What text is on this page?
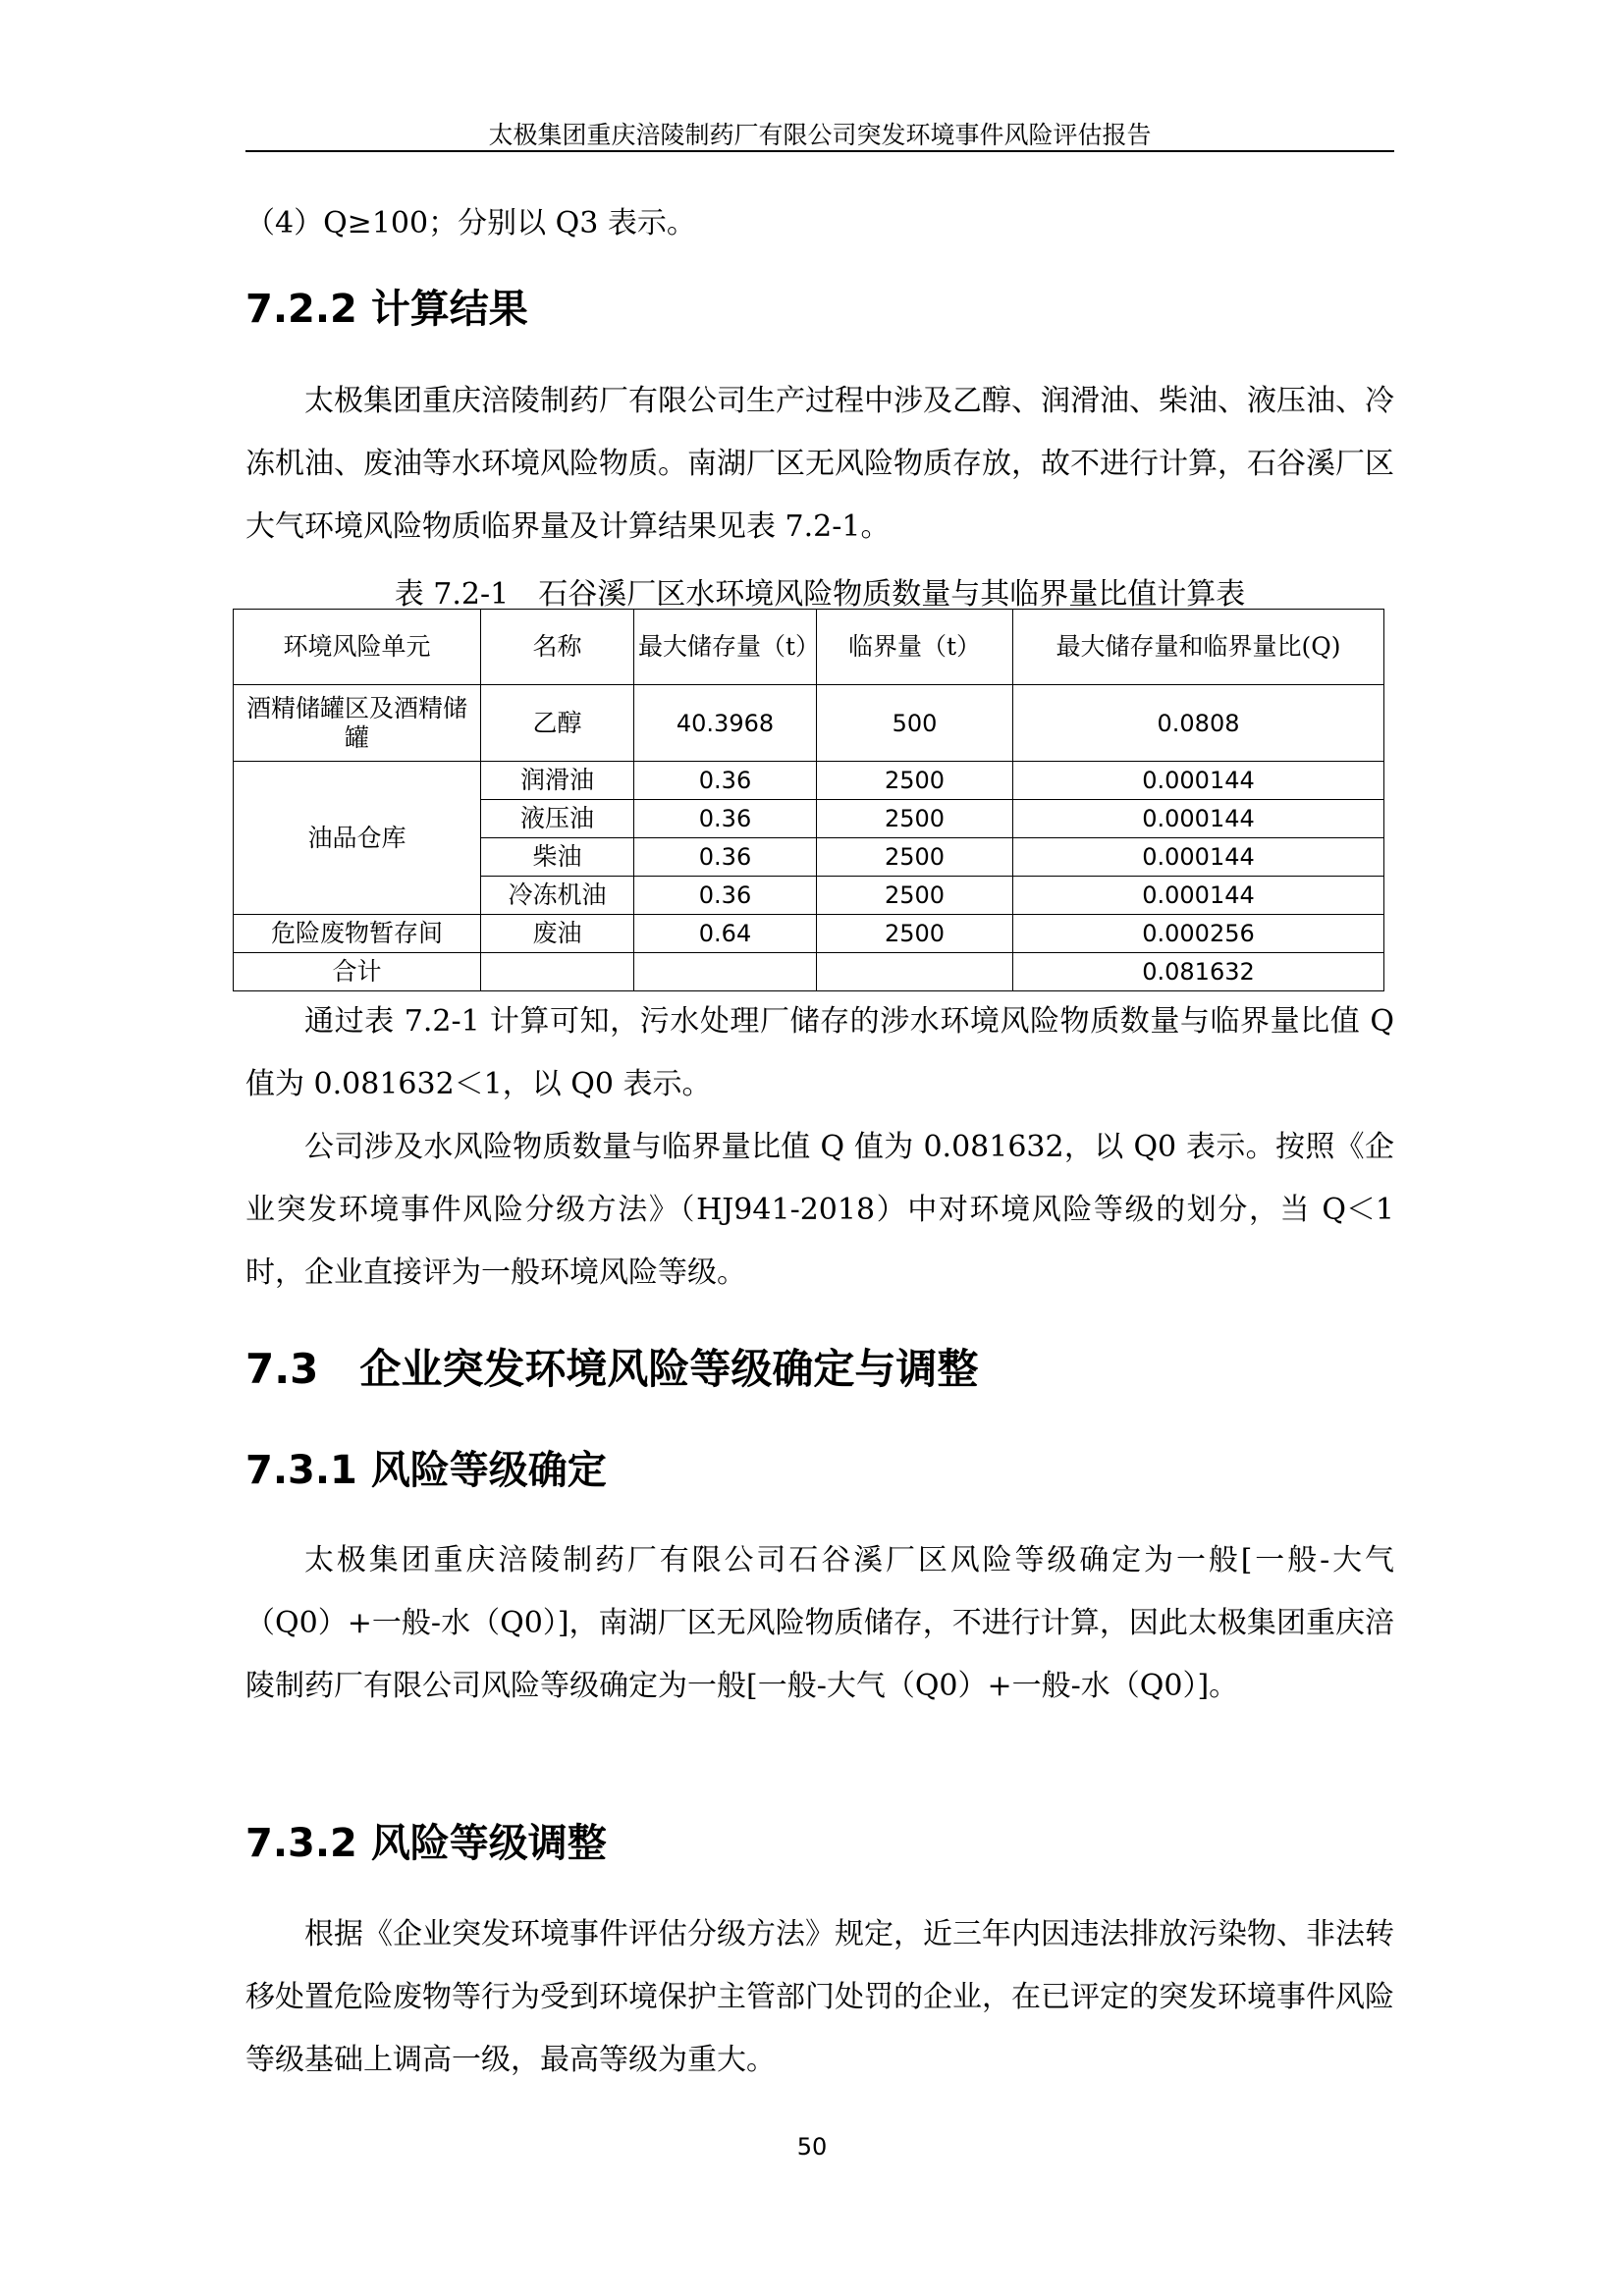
太极集团重庆涪陵制药厂有限公司突发环境事件风险评估报告

（4）Q≥100；分别以 Q3 表示。

7.2.2 计算结果

太极集团重庆涪陵制药厂有限公司生产过程中涉及乙醇、润滑油、柴油、液压油、冷冻机油、废油等水环境风险物质。南湖厂区无风险物质存放，故不进行计算，石谷溪厂区大气环境风险物质临界量及计算结果见表 7.2-1。

表 7.2-1　石谷溪厂区水环境风险物质数量与其临界量比值计算表
环境风险单元	名称	最大储存量（t）	临界量（t）	最大储存量和临界量比(Q)
酒精储罐区及酒精储罐	乙醇	40.3968	500	0.0808
油品仓库	润滑油	0.36	2500	0.000144
	液压油	0.36	2500	0.000144
	柴油	0.36	2500	0.000144
	冷冻机油	0.36	2500	0.000144
危险废物暂存间	废油	0.64	2500	0.000256
合计				0.081632

通过表 7.2-1 计算可知，污水处理厂储存的涉水环境风险物质数量与临界量比值 Q 值为 0.081632＜1，以 Q0 表示。

公司涉及水风险物质数量与临界量比值 Q 值为 0.081632，以 Q0 表示。按照《企业突发环境事件风险分级方法》（HJ941-2018）中对环境风险等级的划分，当 Q＜1 时，企业直接评为一般环境风险等级。

7.3　企业突发环境风险等级确定与调整
7.3.1 风险等级确定

太极集团重庆涪陵制药厂有限公司石谷溪厂区风险等级确定为一般[一般-大气（Q0）+一般-水（Q0）]，南湖厂区无风险物质储存，不进行计算，因此太极集团重庆涪陵制药厂有限公司风险等级确定为一般[一般-大气（Q0）+一般-水（Q0）]。

7.3.2 风险等级调整

根据《企业突发环境事件评估分级方法》规定，近三年内因违法排放污染物、非法转移处置危险废物等行为受到环境保护主管部门处罚的企业，在已评定的突发环境事件风险等级基础上调高一级，最高等级为重大。

50
